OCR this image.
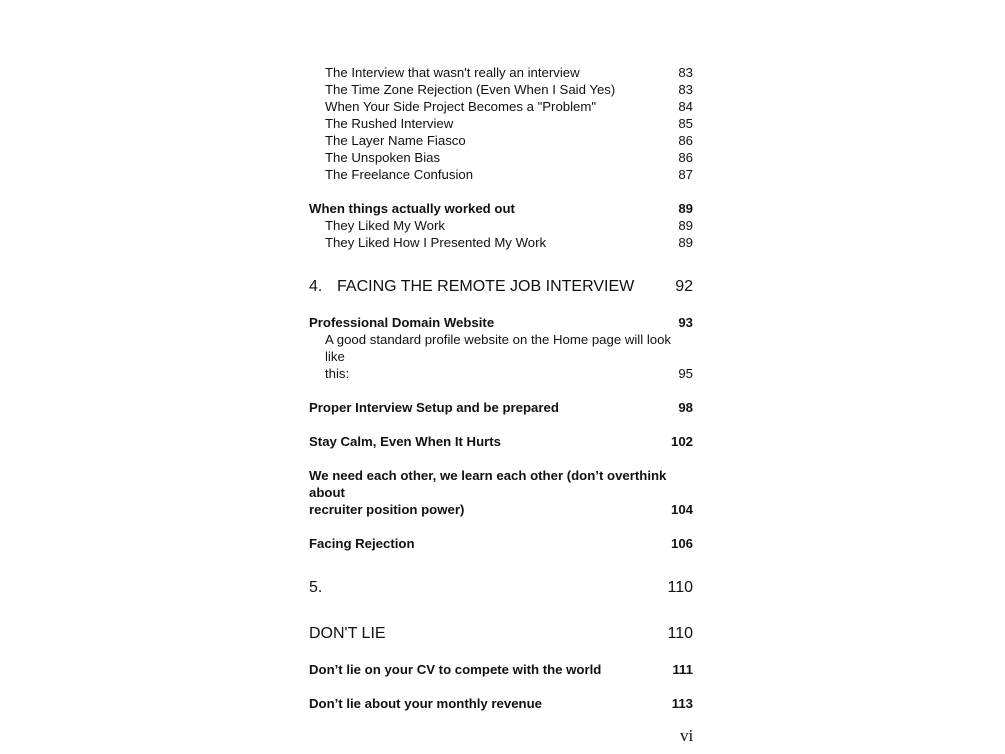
The Interview that wasn't really an interview	83
The Time Zone Rejection (Even When I Said Yes)	83
When Your Side Project Becomes a "Problem"	84
The Rushed Interview	85
The Layer Name Fiasco	86
The Unspoken Bias	86
The Freelance Confusion	87
When things actually worked out	89
They Liked My Work	89
They Liked How I Presented My Work	89
4. FACING THE REMOTE JOB INTERVIEW	92
Professional Domain Website	93
A good standard profile website on the Home page will look like
this:	95
Proper Interview Setup and be prepared	98
Stay Calm, Even When It Hurts	102
We need each other, we learn each other (don’t overthink about
recruiter position power)	104
Facing Rejection	106
5.	110
DON'T LIE	110
Don’t lie on your CV to compete with the world	111
Don’t lie about your monthly revenue	113
vi
